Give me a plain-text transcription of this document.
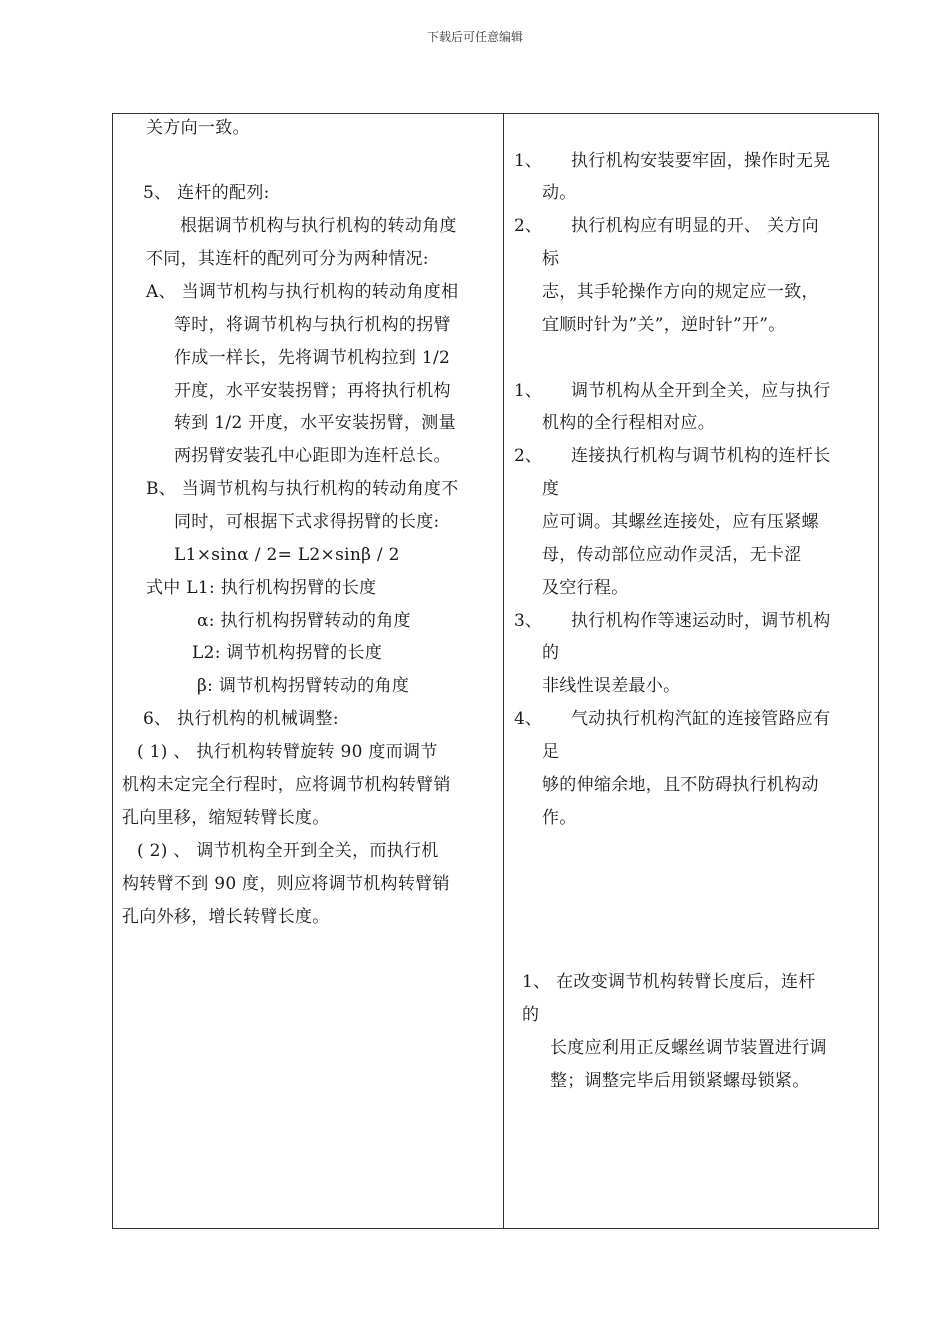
下载后可任意编辑
关方向一致。
5、 连杆的配列:
根据调节机构与执行机构的转动角度
不同，其连杆的配列可分为两种情况:
A、 当调节机构与执行机构的转动角度相
等时，将调节机构与执行机构的拐臂
作成一样长，先将调节机构拉到 1/2
开度，水平安装拐臂；再将执行机构
转到 1/2 开度，水平安装拐臂，测量
两拐臂安装孔中心距即为连杆总长。
B、 当调节机构与执行机构的转动角度不
同时，可根据下式求得拐臂的长度:
L1×sinα / 2= L2×sinβ / 2
式中 L1: 执行机构拐臂的长度
α: 执行机构拐臂转动的角度
L2: 调节机构拐臂的长度
β: 调节机构拐臂转动的角度
6、 执行机构的机械调整:
( 1) 、 执行机构转臂旋转 90 度而调节
机构未定完全行程时，应将调节机构转臂销
孔向里移，缩短转臂长度。
( 2) 、 调节机构全开到全关，而执行机
构转臂不到 90 度，则应将调节机构转臂销
孔向外移，增长转臂长度。
1、 执行机构安装要牢固，操作时无晃
动。
2、 执行机构应有明显的开、 关方向
标
志，其手轮操作方向的规定应一致，
宜顺时针为”关”，逆时针”开”。
1、 调节机构从全开到全关，应与执行
机构的全行程相对应。
2、 连接执行机构与调节机构的连杆长
度
应可调。其螺丝连接处，应有压紧螺
母，传动部位应动作灵活，无卡涩
及空行程。
3、 执行机构作等速运动时，调节机构
的
非线性误差最小。
4、 气动执行机构汽缸的连接管路应有
足
够的伸缩余地，且不防碍执行机构动
作。
1、 在改变调节机构转臂长度后，连杆
的
长度应利用正反螺丝调节装置进行调
整；调整完毕后用锁紧螺母锁紧。
